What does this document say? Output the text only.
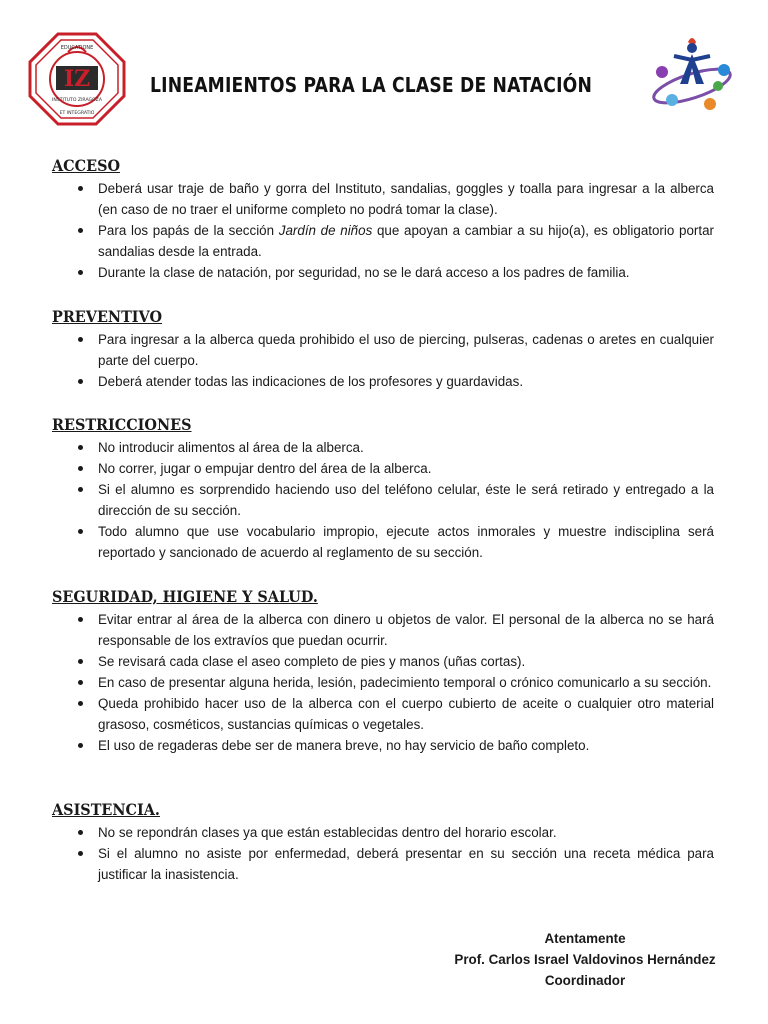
IZ
EDUCATIONE
INSTITUTO ZIRAGOZA
ET INTEGRATIO
LINEAMIENTOS PARA LA CLASE DE NATACIÓN
ACCESO
Deberá usar traje de baño y gorra del Instituto, sandalias, goggles y toalla para ingresar a la alberca (en caso de no traer el uniforme completo no podrá tomar la clase).
Para los papás de la sección Jardín de niños que apoyan a cambiar a su hijo(a), es obligatorio portar sandalias desde la entrada.
Durante la clase de natación, por seguridad, no se le dará acceso a los padres de familia.
PREVENTIVO
Para ingresar a la alberca queda prohibido el uso de piercing, pulseras, cadenas o aretes en cualquier parte del cuerpo.
Deberá atender todas las indicaciones de los profesores y guardavidas.
RESTRICCIONES
No introducir alimentos al área de la alberca.
No correr, jugar o empujar dentro del área de la alberca.
Si el alumno es sorprendido haciendo uso del teléfono celular, éste le será retirado y entregado a la dirección de su sección.
Todo alumno que use vocabulario impropio, ejecute actos inmorales y muestre indisciplina será reportado y sancionado de acuerdo al reglamento de su sección.
SEGURIDAD, HIGIENE Y SALUD.
Evitar entrar al área de la alberca con dinero u objetos de valor. El personal de la alberca no se hará responsable de los extravíos que puedan ocurrir.
Se revisará cada clase el aseo completo de pies y manos (uñas cortas).
En caso de presentar alguna herida, lesión, padecimiento temporal o crónico comunicarlo a su sección.
Queda prohibido hacer uso de la alberca con el cuerpo cubierto de aceite o cualquier otro material grasoso, cosméticos, sustancias químicas o vegetales.
El uso de regaderas debe ser de manera breve, no hay servicio de baño completo.
ASISTENCIA.
No se repondrán clases ya que están establecidas dentro del horario escolar.
Si el alumno no asiste por enfermedad, deberá presentar en su sección una receta médica para justificar la inasistencia.
Atentamente
Prof. Carlos Israel Valdovinos Hernández
Coordinador
